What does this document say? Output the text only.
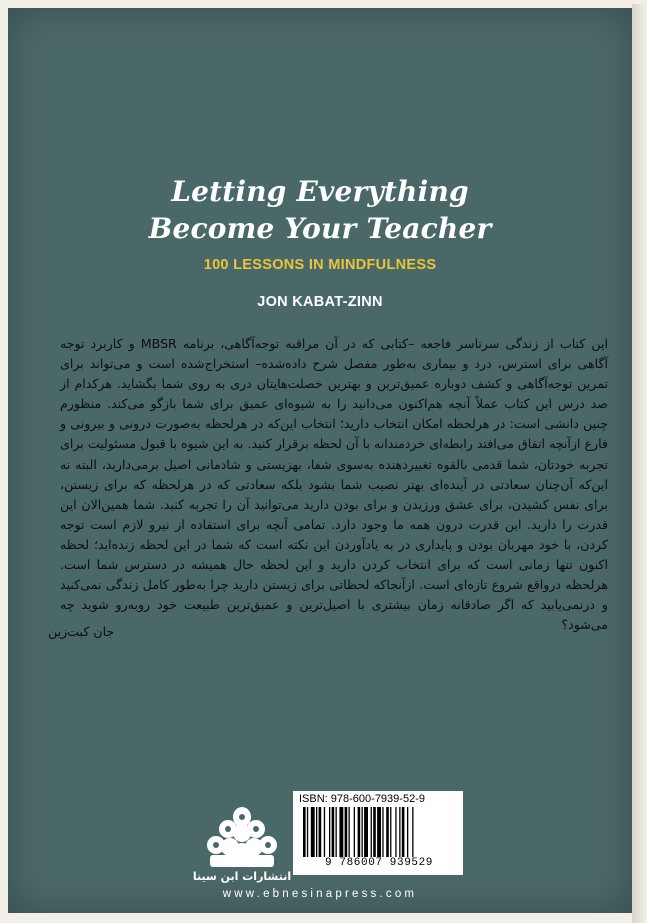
Letting Everything
Become Your Teacher
100 LESSONS IN MINDFULNESS
JON KABAT-ZINN

این کتاب از زندگی سرتاسر فاجعه –کتابی که در آن مراقبه توجه‌آگاهی، برنامه MBSR و کاربرد توجه آگاهی برای استرس، درد و بیماری به‌طور مفصل شرح داده‌شده– استخراج‌شده است و می‌تواند برای تمرین توجه‌آگاهی و کشف دوباره عمیق‌ترین و بهترین خصلت‌هایتان دری به روی شما بگشاید. هرکدام از صد درس این کتاب عملاً آنچه هم‌اکنون می‌دانید را به شیوه‌ای عمیق برای شما بازگو می‌کند. منظورم چنین دانشی است: در هرلحظه امکان انتخاب دارید؛ انتخاب این‌که در هرلحظه به‌صورت درونی و بیرونی و فارغ ازآنچه اتفاق می‌افتد رابطه‌ای خردمندانه با آن لحظه برقرار کنید. به این شیوه با قبول مسئولیت برای تجربه خودتان، شما قدمی بالقوه تغییردهنده به‌سوی شفا، بهزیستی و شادمانی اصیل برمی‌دارید، البته نه این‌که آن‌چنان سعادتی در آینده‌ای بهتر نصیب شما بشود بلکه سعادتی که در هرلحظه که برای زیستن، برای نفس کشیدن، برای عشق ورزیدن و برای بودن دارید می‌توانید آن را تجربه کنید. شما همین‌الان این قدرت را دارید. این قدرت درون همه ما وجود دارد. تمامی آنچه برای استفاده از نیرو لازم است توجه کردن، با خود مهربان بودن و پایداری در به یادآوردن این نکته است که شما در این لحظه زنده‌اید؛ لحظه اکنون تنها زمانی است که برای انتخاب کردن دارید و این لحظه حال همیشه در دسترس شما است. هرلحظه درواقع شروع تازه‌ای است. ازآنجاکه لحظاتی برای زیستن دارید چرا به‌طور کامل زندگی نمی‌کنید و درنمی‌یابید که اگر صادقانه زمان بیشتری با اصیل‌ترین و عمیق‌ترین طبیعت خود روبه‌رو شوید چه می‌شود؟

جان کبت‌زین
انتشارات ابن سینا
ISBN: 978-600-7939-52-9
9 786007 939529
www.ebnesinapress.com
